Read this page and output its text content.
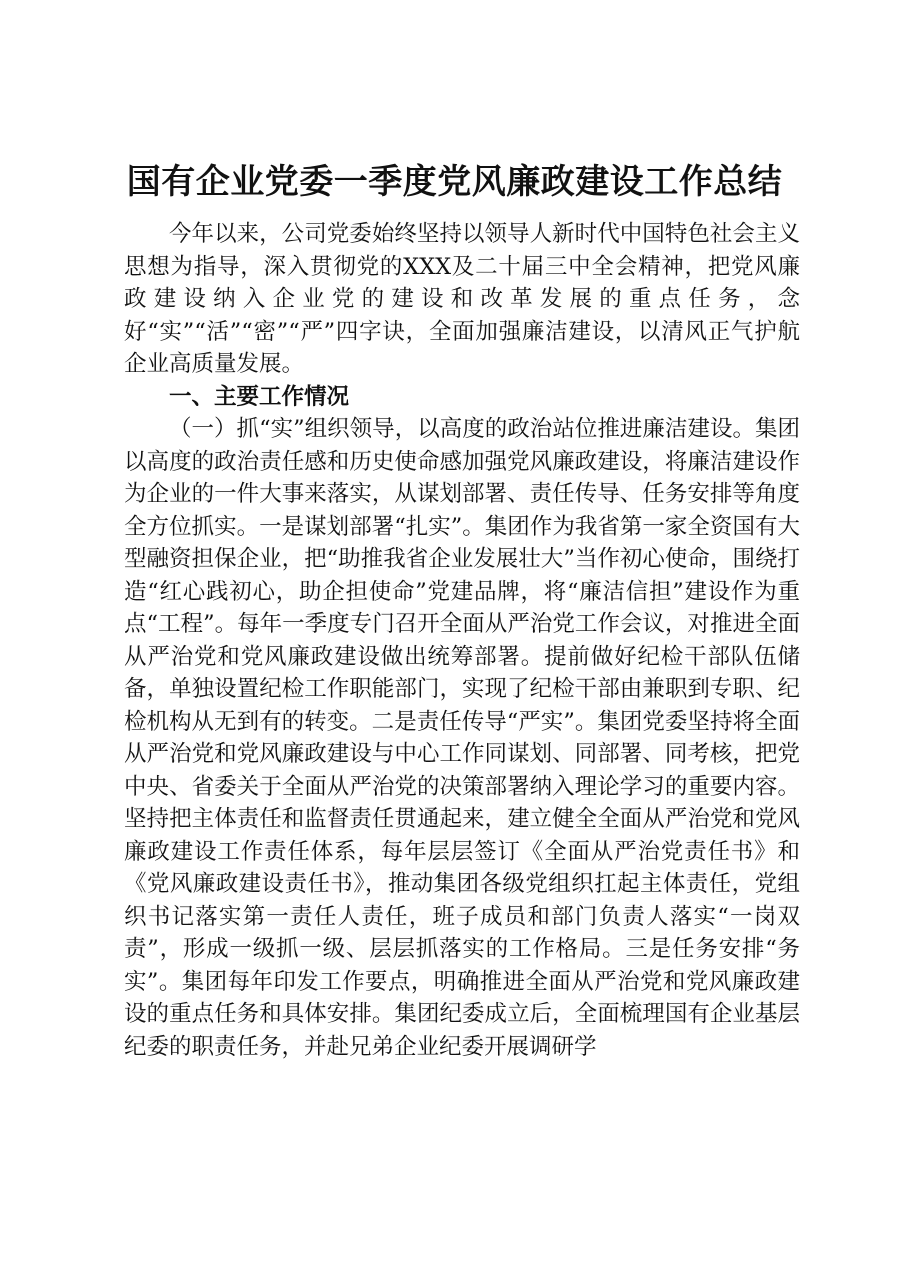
国有企业党委一季度党风廉政建设工作总结

今年以来，公司党委始终坚持以领导人新时代中国特色社会主义思想为指导，深入贯彻党的XXX及二十届三中全会精神，把党风廉政建设纳入企业党的建设和改革发展的重点任务，念好“实”“活”“密”“严”四字诀，全面加强廉洁建设，以清风正气护航企业高质量发展。

一、主要工作情况

（一）抓“实”组织领导，以高度的政治站位推进廉洁建设。集团以高度的政治责任感和历史使命感加强党风廉政建设，将廉洁建设作为企业的一件大事来落实，从谋划部署、责任传导、任务安排等角度全方位抓实。一是谋划部署“扎实”。集团作为我省第一家全资国有大型融资担保企业，把“助推我省企业发展壮大”当作初心使命，围绕打造“红心践初心，助企担使命”党建品牌，将“廉洁信担”建设作为重点“工程”。每年一季度专门召开全面从严治党工作会议，对推进全面从严治党和党风廉政建设做出统筹部署。提前做好纪检干部队伍储备，单独设置纪检工作职能部门，实现了纪检干部由兼职到专职、纪检机构从无到有的转变。二是责任传导“严实”。集团党委坚持将全面从严治党和党风廉政建设与中心工作同谋划、同部署、同考核，把党中央、省委关于全面从严治党的决策部署纳入理论学习的重要内容。坚持把主体责任和监督责任贯通起来，建立健全全面从严治党和党风廉政建设工作责任体系，每年层层签订《全面从严治党责任书》和《党风廉政建设责任书》，推动集团各级党组织扛起主体责任，党组织书记落实第一责任人责任，班子成员和部门负责人落实“一岗双责”，形成一级抓一级、层层抓落实的工作格局。三是任务安排“务实”。集团每年印发工作要点，明确推进全面从严治党和党风廉政建设的重点任务和具体安排。集团纪委成立后，全面梳理国有企业基层纪委的职责任务，并赴兄弟企业纪委开展调研学
